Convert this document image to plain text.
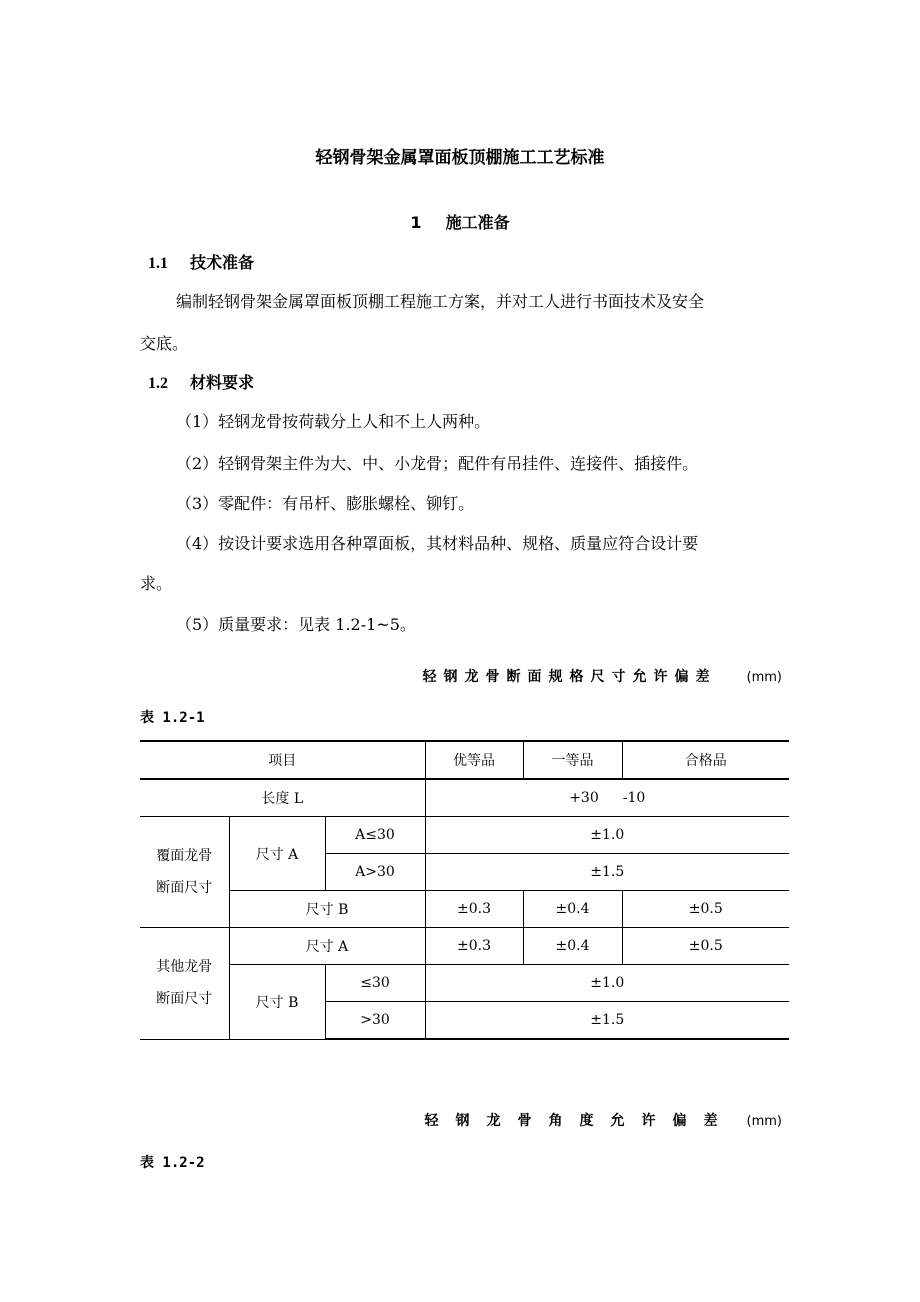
轻钢骨架金属罩面板顶棚施工工艺标准
1 施工准备
1.1 技术准备
编制轻钢骨架金属罩面板顶棚工程施工方案，并对工人进行书面技术及安全
交底。
1.2 材料要求
（1）轻钢龙骨按荷载分上人和不上人两种。
（2）轻钢骨架主件为大、中、小龙骨；配件有吊挂件、连接件、插接件。
（3）零配件：有吊杆、膨胀螺栓、铆钉。
（4）按设计要求选用各种罩面板，其材料品种、规格、质量应符合设计要
求。
（5）质量要求：见表 1.2-1~5。
轻钢龙骨断面规格尺寸允许偏差 (mm)
表 1.2-1
项目			优等品	一等品	合格品
长度 L			+30 -10		

覆面龙骨
断面尺寸	尺寸 A	A≤30	±1.0		
		A>30	±1.5		
	尺寸 B		±0.3	±0.4	±0.5

其他龙骨
断面尺寸	尺寸 A		±0.3	±0.4	±0.5
	尺寸 B	≤30	±1.0		
		>30	±1.5		
轻钢龙骨角度允许偏差 (mm)
表 1.2-2
